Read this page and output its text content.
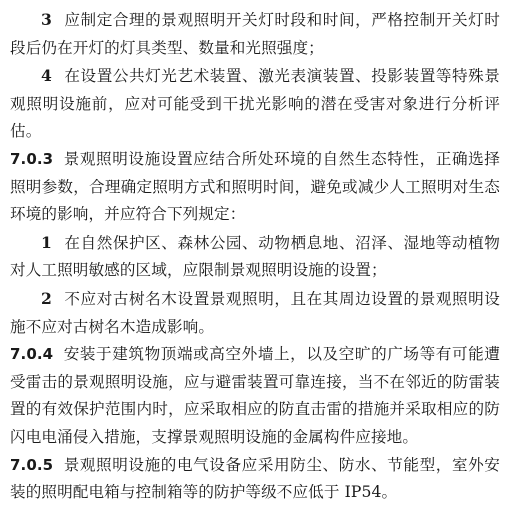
3 应制定合理的景观照明开关灯时段和时间，严格控制开关灯时段后仍在开灯的灯具类型、数量和光照强度；

4 在设置公共灯光艺术装置、激光表演装置、投影装置等特殊景观照明设施前，应对可能受到干扰光影响的潜在受害对象进行分析评估。

7.0.3 景观照明设施设置应结合所处环境的自然生态特性，正确选择照明参数，合理确定照明方式和照明时间，避免或减少人工照明对生态环境的影响，并应符合下列规定：

1 在自然保护区、森林公园、动物栖息地、沼泽、湿地等动植物对人工照明敏感的区域，应限制景观照明设施的设置；

2 不应对古树名木设置景观照明，且在其周边设置的景观照明设施不应对古树名木造成影响。

7.0.4 安装于建筑物顶端或高空外墙上，以及空旷的广场等有可能遭受雷击的景观照明设施，应与避雷装置可靠连接，当不在邻近的防雷装置的有效保护范围内时，应采取相应的防直击雷的措施并采取相应的防闪电电涌侵入措施，支撑景观照明设施的金属构件应接地。

7.0.5 景观照明设施的电气设备应采用防尘、防水、节能型，室外安装的照明配电箱与控制箱等的防护等级不应低于 IP54。
